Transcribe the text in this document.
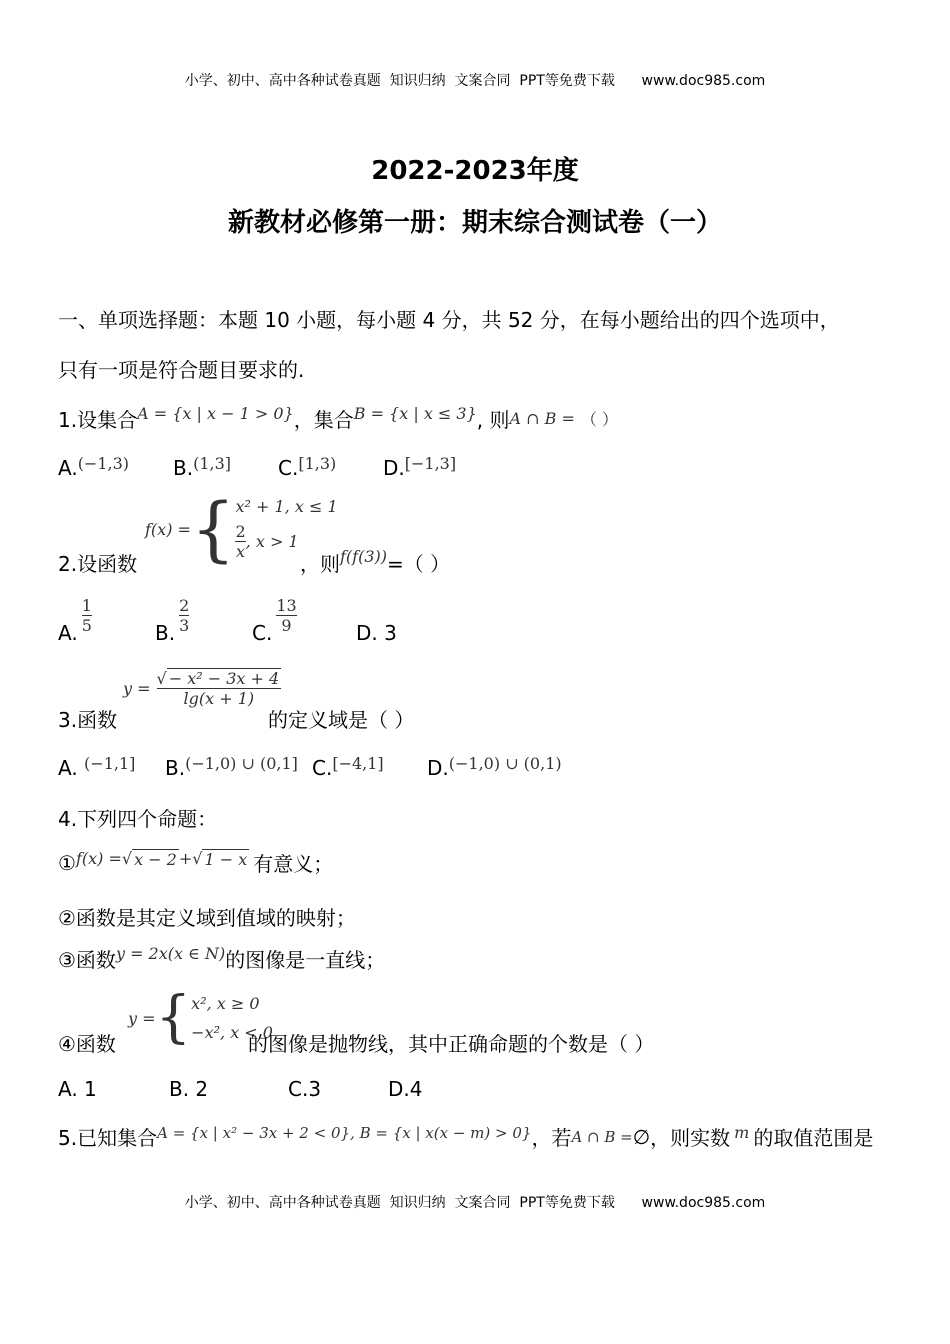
小学、初中、高中各种试卷真题  知识归纳  文案合同  PPT等免费下载      www.doc985.com
2022-2023年度
新教材必修第一册：期末综合测试卷（一）
一、单项选择题：本题 10 小题，每小题 4 分，共 52 分，在每小题给出的四个选项中，
只有一项是符合题目要求的.
1.设集合 A = {x | x − 1 > 0} ，集合 B = {x | x ≤ 3} , 则 A ∩ B = （ ）
A.$^{(-1,3)}$ B.$^{(1,3]}$ C.$^{[1,3)}$ D.[−1,3]
2.设函数
f(x) = { x² + 1, x ≤ 1
$\frac{2}{x}$ , x > 1
，则 f(f(3)) =（ ）
A. $\frac{1}{5}$	B. $\frac{2}{3}$	C. $\frac{13}{9}$	D. 3
3.函数
$y = \frac{\text{√ − x² − 3x + 4}}{\lg(x + 1)}$
的定义域是（ ）
A. $^{(-1,1]}$ B.$^{(-1,0) \cup (0,1]}$ C.[−4,1] D.$^{(-1,0) \cup (0,1)}$
4.下列四个命题：
① f(x) = √ x − 2 + √ 1 − x 有意义；
②函数是其定义域到值域的映射；
③函数 y = 2x(x ∈ N) 的图像是一直线；
④函数
y = { x², x ≥ 0
−x², x < 0
的图像是抛物线，其中正确命题的个数是（ ）
A. 1	B. 2	C.3	D.4
5.已知集合 A = {x | x² − 3x + 2 < 0}, B = {x | x(x − m) > 0} ，若 A ∩ B = ∅ ，则实数 m 的取值范围是
小学、初中、高中各种试卷真题  知识归纳  文案合同  PPT等免费下载      www.doc985.com
